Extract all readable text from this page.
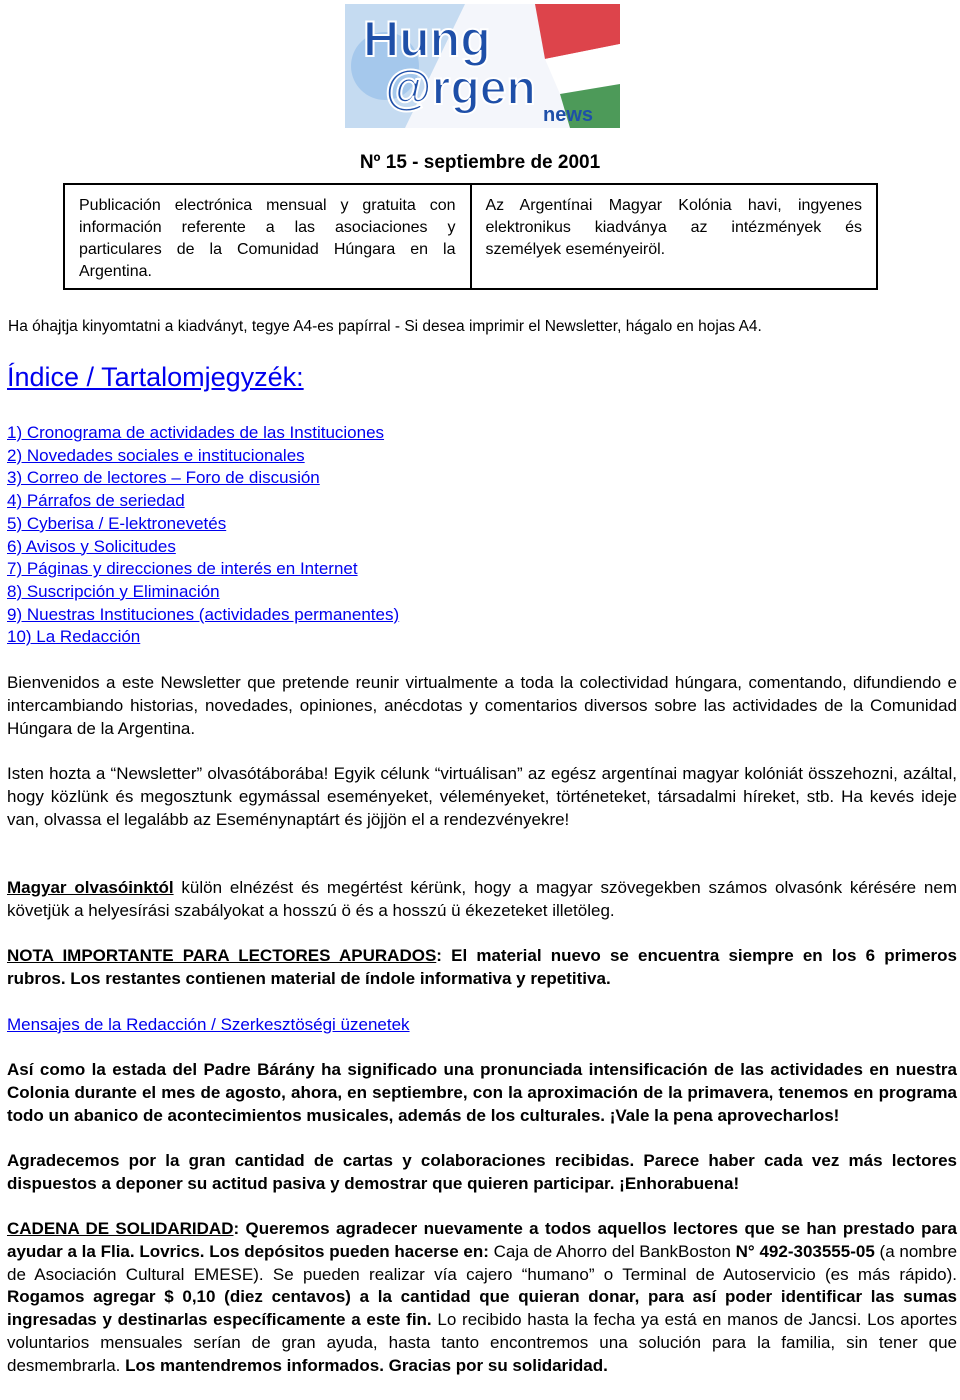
Hung
@rgen news
Nº 15 - septiembre de 2001
Publicación electrónica mensual y gratuita con información referente a las asociaciones y particulares de la Comunidad Húngara en la Argentina.
Az Argentínai Magyar Kolónia havi, ingyenes elektronikus kiadványa az intézmények és személyek eseményeiröl.
Ha óhajtja kinyomtatni a kiadványt, tegye A4-es papírral - Si desea imprimir el Newsletter, hágalo en hojas A4.
Índice / Tartalomjegyzék:
1) Cronograma de actividades de las Instituciones
2) Novedades sociales e institucionales
3) Correo de lectores – Foro de discusión
4) Párrafos de seriedad
5) Cyberisa / E-lektronevetés
6) Avisos y Solicitudes
7) Páginas y direcciones de interés en Internet
8) Suscripción y Eliminación
9) Nuestras Instituciones (actividades permanentes)
10) La Redacción
Bienvenidos a este Newsletter que pretende reunir virtualmente a toda la colectividad húngara, comentando, difundiendo e intercambiando historias, novedades, opiniones, anécdotas y comentarios diversos sobre las actividades de la Comunidad Húngara de la Argentina.
Isten hozta a “Newsletter” olvasótáborába! Egyik célunk “virtuálisan” az egész argentínai magyar kolóniát összehozni, azáltal, hogy közlünk és megosztunk egymással eseményeket, véleményeket, történeteket, társadalmi híreket, stb. Ha kevés ideje van, olvassa el legalább az Eseménynaptárt és jöjjön el a rendezvényekre!
Magyar olvasóinktól külön elnézést és megértést kérünk, hogy a magyar szövegekben számos olvasónk kérésére nem követjük a helyesírási szabályokat a hosszú ö és a hosszú ü ékezeteket illetöleg.
NOTA IMPORTANTE PARA LECTORES APURADOS: El material nuevo se encuentra siempre en los 6 primeros rubros. Los restantes contienen material de índole informativa y repetitiva.
Mensajes de la Redacción / Szerkesztöségi üzenetek
Así como la estada del Padre Bárány ha significado una pronunciada intensificación de las actividades en nuestra Colonia durante el mes de agosto, ahora, en septiembre, con la aproximación de la primavera, tenemos en programa todo un abanico de acontecimientos musicales, además de los culturales. ¡Vale la pena aprovecharlos!
Agradecemos por la gran cantidad de cartas y colaboraciones recibidas. Parece haber cada vez más lectores dispuestos a deponer su actitud pasiva y demostrar que quieren participar. ¡Enhorabuena!
CADENA DE SOLIDARIDAD: Queremos agradecer nuevamente a todos aquellos lectores que se han prestado para ayudar a la Flia. Lovrics. Los depósitos pueden hacerse en: Caja de Ahorro del BankBoston N° 492-303555-05 (a nombre de Asociación Cultural EMESE). Se pueden realizar vía cajero “humano” o Terminal de Autoservicio (es más rápido). Rogamos agregar $ 0,10 (diez centavos) a la cantidad que quieran donar, para así poder identificar las sumas ingresadas y destinarlas específicamente a este fin. Lo recibido hasta la fecha ya está en manos de Jancsi. Los aportes voluntarios mensuales serían de gran ayuda, hasta tanto encontremos una solución para la familia, sin tener que desmembrarla. Los mantendremos informados. Gracias por su solidaridad.
